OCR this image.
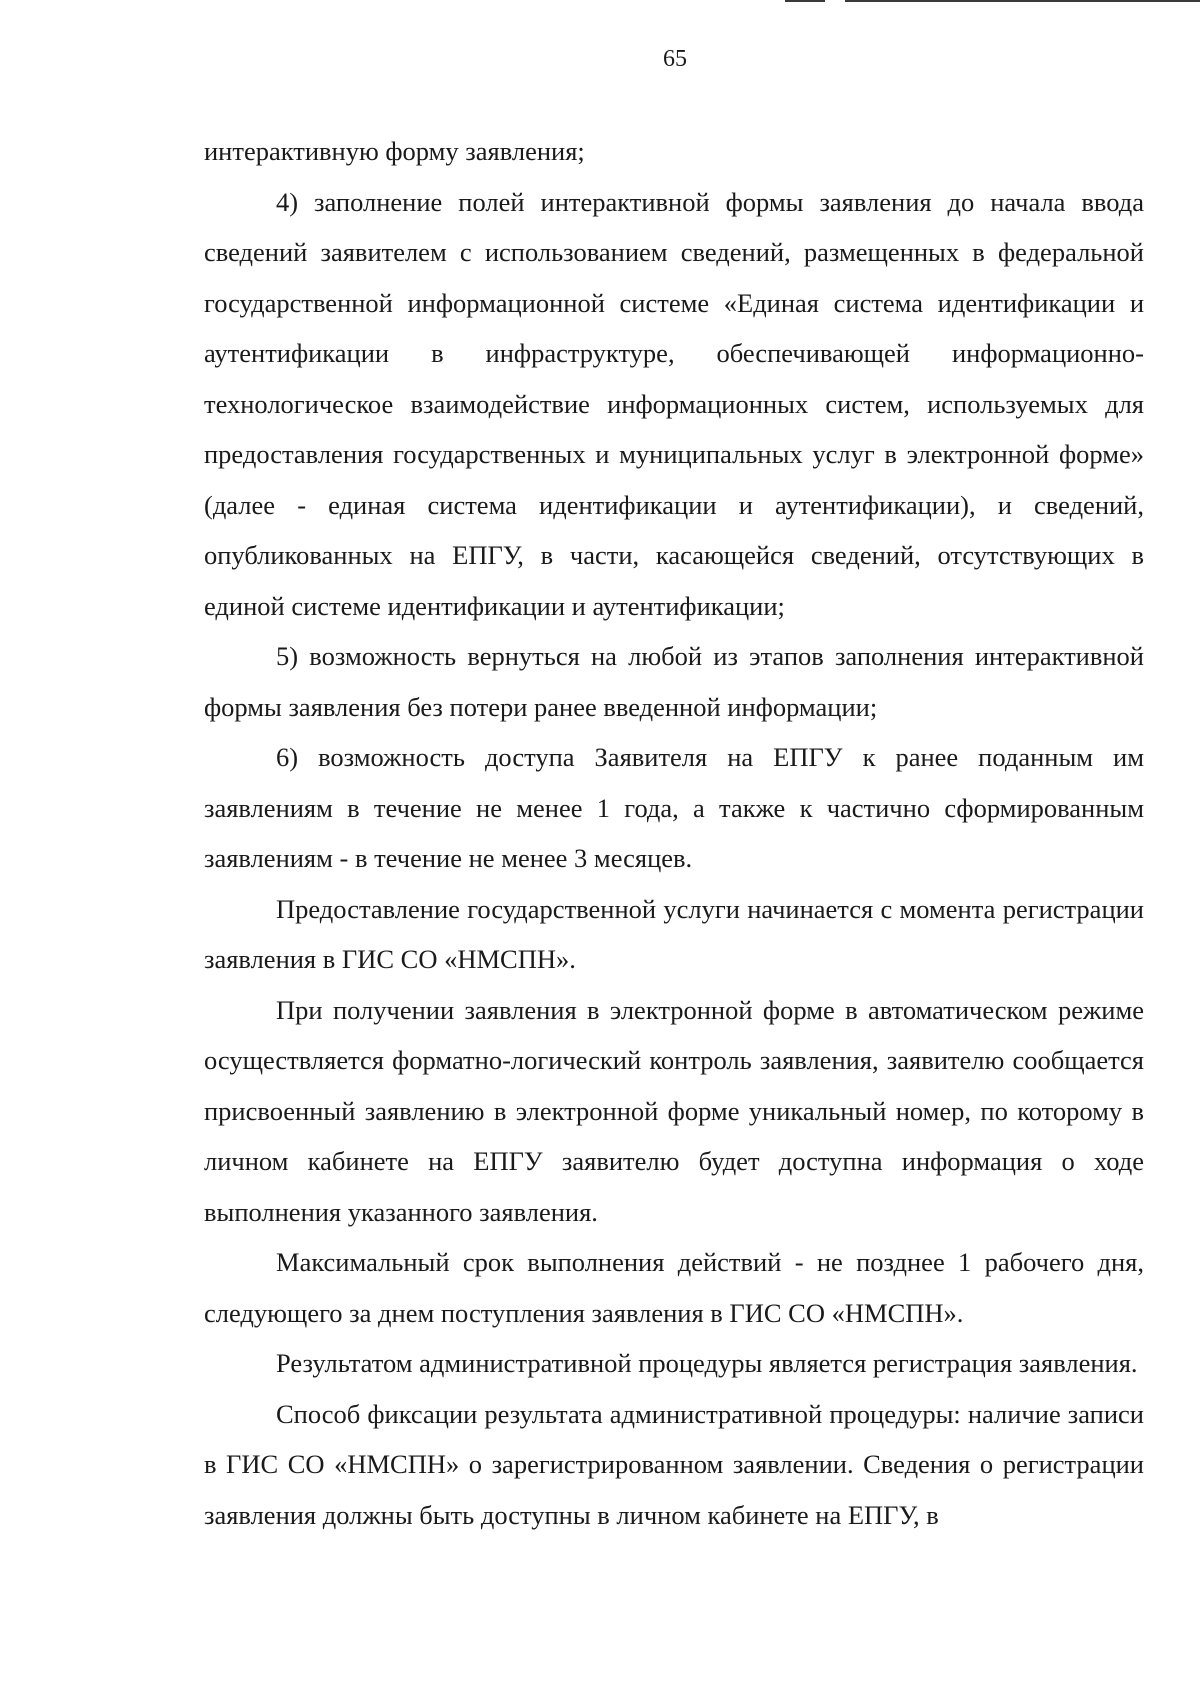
65

интерактивную форму заявления;

4) заполнение полей интерактивной формы заявления до начала ввода сведений заявителем с использованием сведений, размещенных в федеральной государственной информационной системе «Единая система идентификации и аутентификации в инфраструктуре, обеспечивающей информационно-технологическое взаимодействие информационных систем, используемых для предоставления государственных и муниципальных услуг в электронной форме» (далее - единая система идентификации и аутентификации), и сведений, опубликованных на ЕПГУ, в части, касающейся сведений, отсутствующих в единой системе идентификации и аутентификации;

5) возможность вернуться на любой из этапов заполнения интерактивной формы заявления без потери ранее введенной информации;

6) возможность доступа Заявителя на ЕПГУ к ранее поданным им заявлениям в течение не менее 1 года, а также к частично сформированным заявлениям - в течение не менее 3 месяцев.

Предоставление государственной услуги начинается с момента регистрации заявления в ГИС СО «НМСПН».

При получении заявления в электронной форме в автоматическом режиме осуществляется форматно-логический контроль заявления, заявителю сообщается присвоенный заявлению в электронной форме уникальный номер, по которому в личном кабинете на ЕПГУ заявителю будет доступна информация о ходе выполнения указанного заявления.

Максимальный срок выполнения действий - не позднее 1 рабочего дня, следующего за днем поступления заявления в ГИС СО «НМСПН».

Результатом административной процедуры является регистрация заявления.

Способ фиксации результата административной процедуры: наличие записи в ГИС СО «НМСПН» о зарегистрированном заявлении. Сведения о регистрации заявления должны быть доступны в личном кабинете на ЕПГУ, в
